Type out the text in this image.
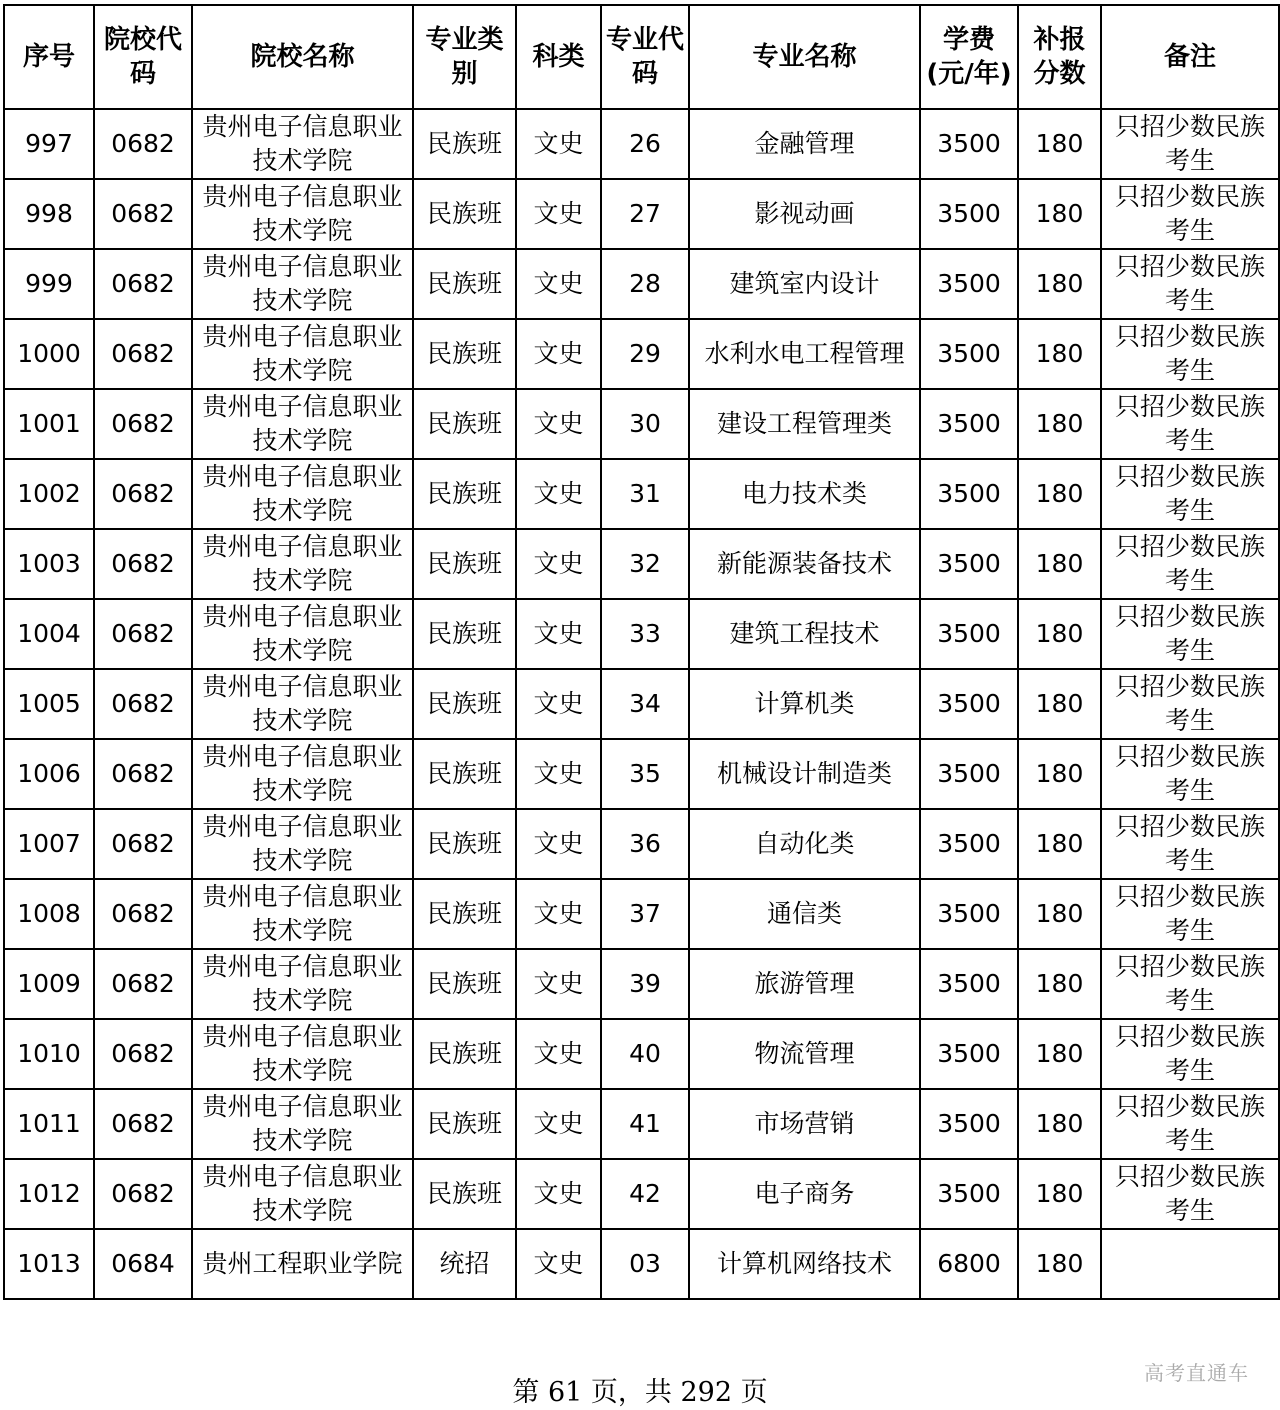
序号	院校代码	院校名称	专业类别	科类	专业代码	专业名称	学费(元/年)	补报分数	备注
997	0682	贵州电子信息职业技术学院	民族班	文史	26	金融管理	3500	180	只招少数民族考生
998	0682	贵州电子信息职业技术学院	民族班	文史	27	影视动画	3500	180	只招少数民族考生
999	0682	贵州电子信息职业技术学院	民族班	文史	28	建筑室内设计	3500	180	只招少数民族考生
1000	0682	贵州电子信息职业技术学院	民族班	文史	29	水利水电工程管理	3500	180	只招少数民族考生
1001	0682	贵州电子信息职业技术学院	民族班	文史	30	建设工程管理类	3500	180	只招少数民族考生
1002	0682	贵州电子信息职业技术学院	民族班	文史	31	电力技术类	3500	180	只招少数民族考生
1003	0682	贵州电子信息职业技术学院	民族班	文史	32	新能源装备技术	3500	180	只招少数民族考生
1004	0682	贵州电子信息职业技术学院	民族班	文史	33	建筑工程技术	3500	180	只招少数民族考生
1005	0682	贵州电子信息职业技术学院	民族班	文史	34	计算机类	3500	180	只招少数民族考生
1006	0682	贵州电子信息职业技术学院	民族班	文史	35	机械设计制造类	3500	180	只招少数民族考生
1007	0682	贵州电子信息职业技术学院	民族班	文史	36	自动化类	3500	180	只招少数民族考生
1008	0682	贵州电子信息职业技术学院	民族班	文史	37	通信类	3500	180	只招少数民族考生
1009	0682	贵州电子信息职业技术学院	民族班	文史	39	旅游管理	3500	180	只招少数民族考生
1010	0682	贵州电子信息职业技术学院	民族班	文史	40	物流管理	3500	180	只招少数民族考生
1011	0682	贵州电子信息职业技术学院	民族班	文史	41	市场营销	3500	180	只招少数民族考生
1012	0682	贵州电子信息职业技术学院	民族班	文史	42	电子商务	3500	180	只招少数民族考生
1013	0684	贵州工程职业学院	统招	文史	03	计算机网络技术	6800	180	
第 61 页，共 292 页
高考直通车
